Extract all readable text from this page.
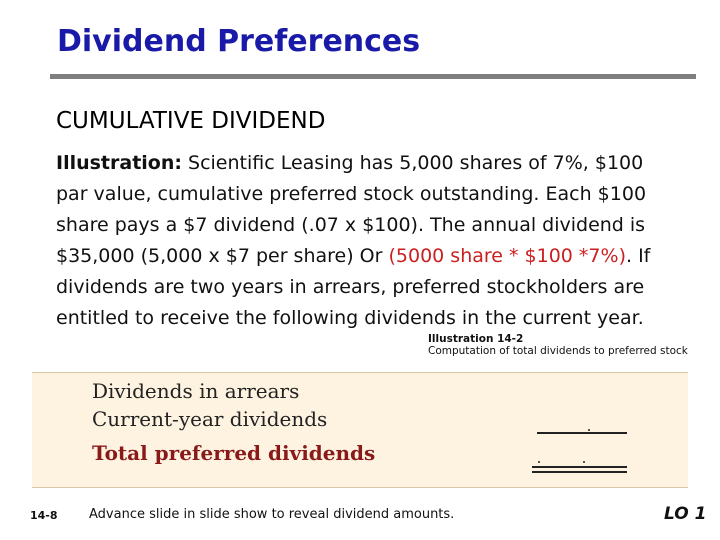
Dividend Preferences
CUMULATIVE DIVIDEND
Illustration: Scientific Leasing has 5,000 shares of 7%, $100 par value, cumulative preferred stock outstanding. Each $100 share pays a $7 dividend (.07 x $100). The annual dividend is $35,000 (5,000 x $7 per share) Or (5000 share * $100 *7%). If dividends are two years in arrears, preferred stockholders are entitled to receive the following dividends in the current year.
Illustration 14-2
Computation of total dividends to preferred stock
Dividends in arrears
Current-year dividends
Total preferred dividends
14-8 Advance slide in slide show to reveal dividend amounts.	LO 1
